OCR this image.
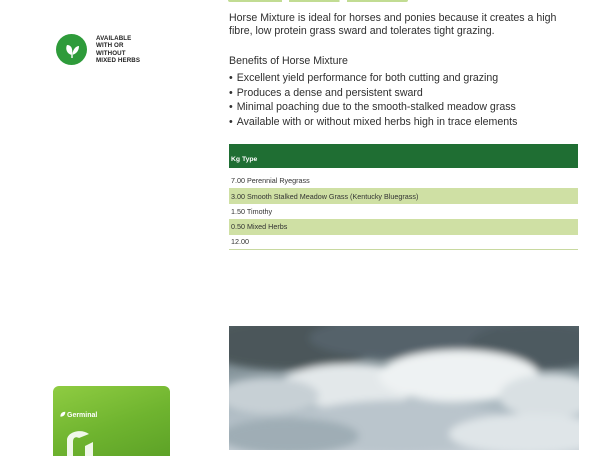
AVAILABLE
WITH OR
WITHOUT
MIXED HERBS
Horse Mixture is ideal for horses and ponies because it creates a high fibre, low protein grass sward and tolerates tight grazing.
Benefits of Horse Mixture
• Excellent yield performance for both cutting and grazing
• Produces a dense and persistent sward
• Minimal poaching due to the smooth-stalked meadow grass
• Available with or without mixed herbs high in trace elements
Kg Type
7.00 Perennial Ryegrass
3.00 Smooth Stalked Meadow Grass (Kentucky Bluegrass)
1.50 Timothy
0.50 Mixed Herbs
12.00
Germinal
